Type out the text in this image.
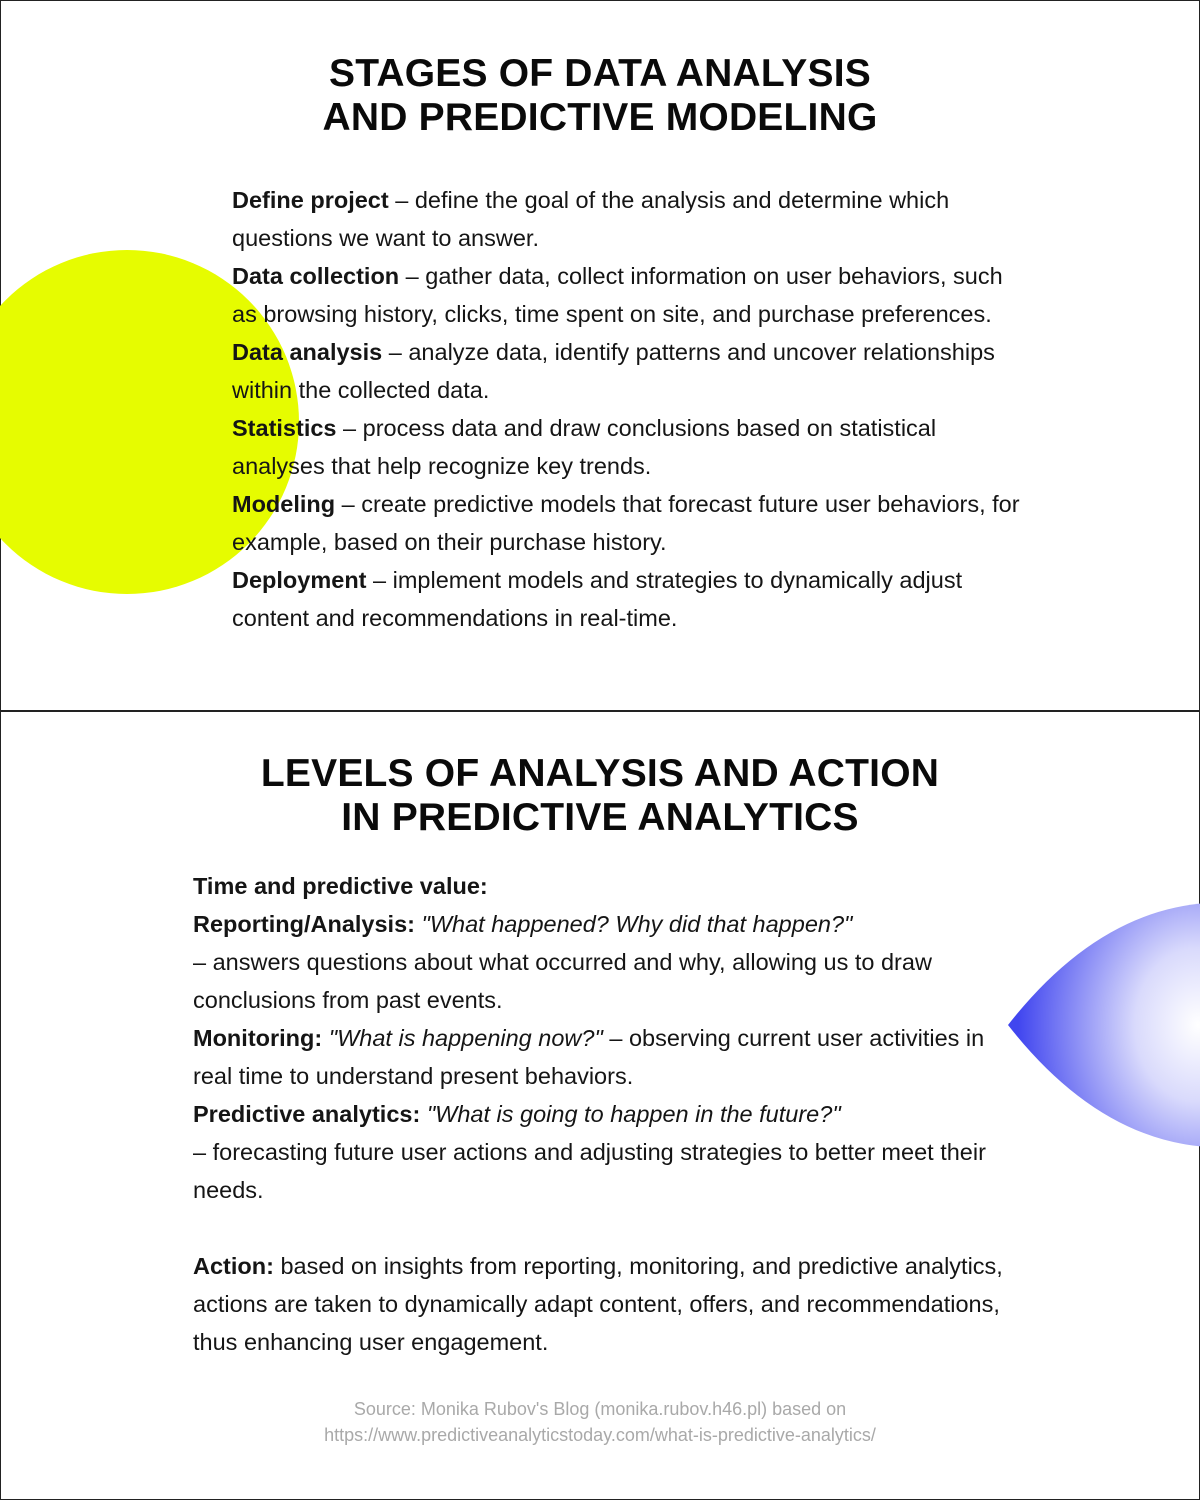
STAGES OF DATA ANALYSIS
AND PREDICTIVE MODELING

Define project – define the goal of the analysis and determine which questions we want to answer.

Data collection – gather data, collect information on user behaviors, such as browsing history, clicks, time spent on site, and purchase preferences.

Data analysis – analyze data, identify patterns and uncover relationships within the collected data.

Statistics – process data and draw conclusions based on statistical analyses that help recognize key trends.

Modeling – create predictive models that forecast future user behaviors, for example, based on their purchase history.

Deployment – implement models and strategies to dynamically adjust content and recommendations in real-time.

LEVELS OF ANALYSIS AND ACTION
IN PREDICTIVE ANALYTICS

Time and predictive value:

Reporting/Analysis: "What happened? Why did that happen?"
– answers questions about what occurred and why, allowing us to draw conclusions from past events.

Monitoring: "What is happening now?" – observing current user activities in real time to understand present behaviors.

Predictive analytics: "What is going to happen in the future?"
– forecasting future user actions and adjusting strategies to better meet their needs.

Action: based on insights from reporting, monitoring, and predictive analytics, actions are taken to dynamically adapt content, offers, and recommendations, thus enhancing user engagement.

Source: Monika Rubov's Blog (monika.rubov.h46.pl) based on
https://www.predictiveanalyticstoday.com/what-is-predictive-analytics/
